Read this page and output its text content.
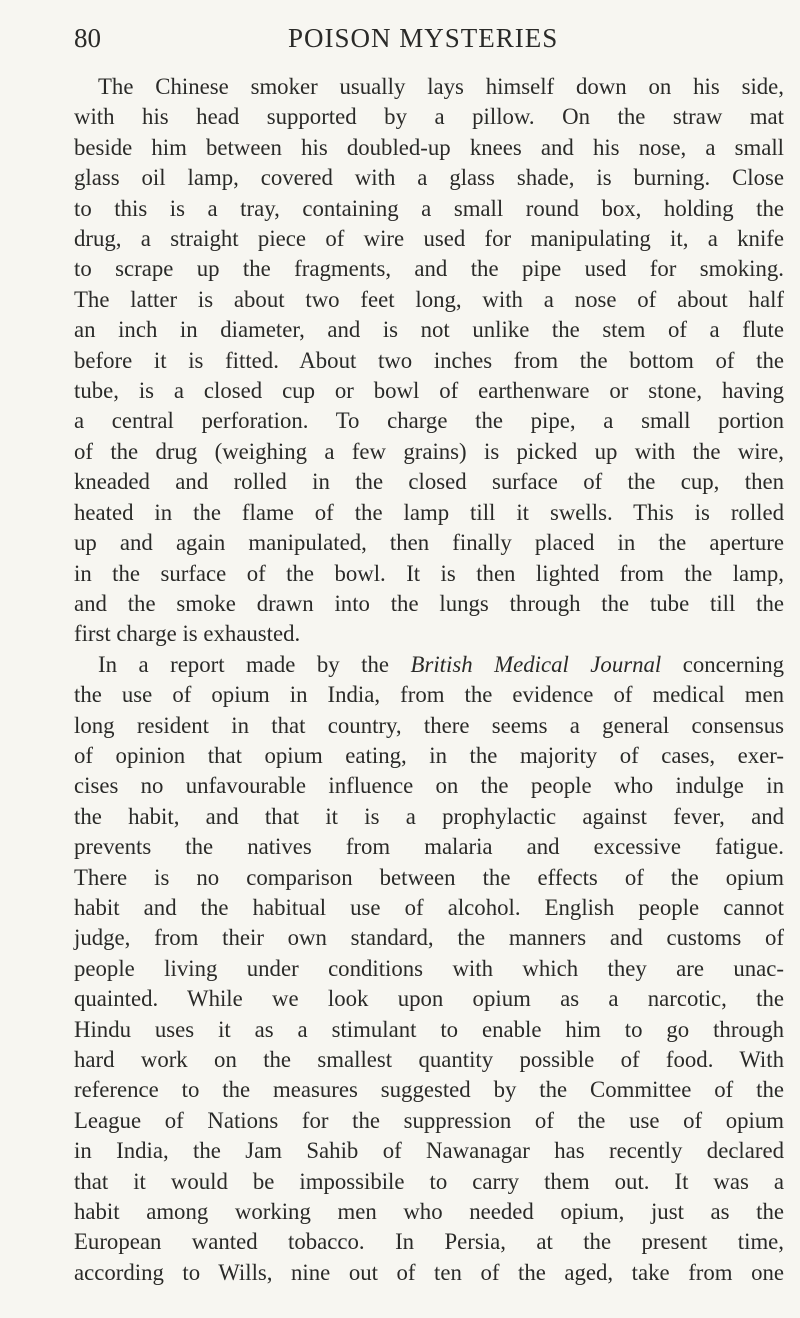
80	POISON MYSTERIES
The Chinese smoker usually lays himself down on his side,
with his head supported by a pillow. On the straw mat
beside him between his doubled-up knees and his nose, a small
glass oil lamp, covered with a glass shade, is burning. Close
to this is a tray, containing a small round box, holding the
drug, a straight piece of wire used for manipulating it, a knife
to scrape up the fragments, and the pipe used for smoking.
The latter is about two feet long, with a nose of about half
an inch in diameter, and is not unlike the stem of a flute
before it is fitted. About two inches from the bottom of the
tube, is a closed cup or bowl of earthenware or stone, having
a central perforation. To charge the pipe, a small portion
of the drug (weighing a few grains) is picked up with the wire,
kneaded and rolled in the closed surface of the cup, then
heated in the flame of the lamp till it swells. This is rolled
up and again manipulated, then finally placed in the aperture
in the surface of the bowl. It is then lighted from the lamp,
and the smoke drawn into the lungs through the tube till the
first charge is exhausted.
In a report made by the British Medical Journal concerning
the use of opium in India, from the evidence of medical men
long resident in that country, there seems a general consensus
of opinion that opium eating, in the majority of cases, exer-
cises no unfavourable influence on the people who indulge in
the habit, and that it is a prophylactic against fever, and
prevents the natives from malaria and excessive fatigue.
There is no comparison between the effects of the opium
habit and the habitual use of alcohol. English people cannot
judge, from their own standard, the manners and customs of
people living under conditions with which they are unac-
quainted. While we look upon opium as a narcotic, the
Hindu uses it as a stimulant to enable him to go through
hard work on the smallest quantity possible of food. With
reference to the measures suggested by the Committee of the
League of Nations for the suppression of the use of opium
in India, the Jam Sahib of Nawanagar has recently declared
that it would be impossibile to carry them out. It was a
habit among working men who needed opium, just as the
European wanted tobacco. In Persia, at the present time,
according to Wills, nine out of ten of the aged, take from one
